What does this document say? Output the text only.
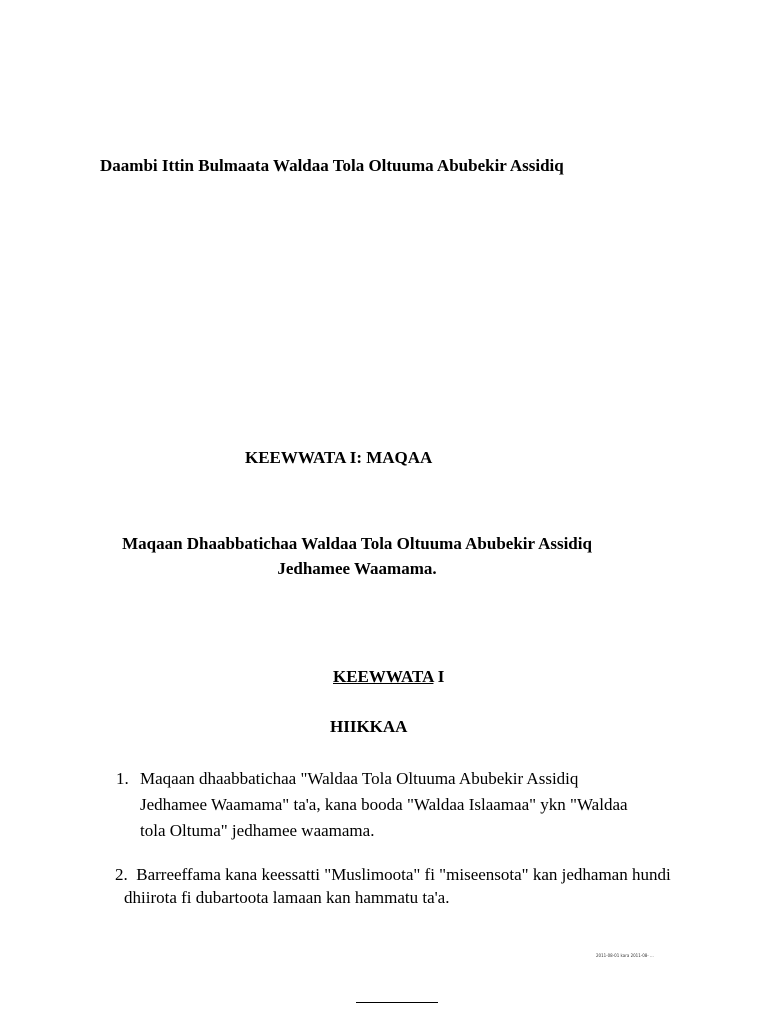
Daambi Ittin Bulmaata Waldaa Tola Oltuuma Abubekir Assidiq
KEEWWATA I: MAQAA
Maqaan Dhaabbatichaa Waldaa Tola Oltuuma Abubekir Assidiq
Jedhamee Waamama.
KEEWWATA I
HIIKKAA
1. Maqaan dhaabbatichaa "Waldaa Tola Oltuuma Abubekir Assidiq
Jedhamee Waamama" ta'a, kana booda "Waldaa Islaamaa" ykn "Waldaa
tola Oltuma" jedhamee waamama.
2. Barreeffama kana keessatti "Muslimoota" fi "miseensota" kan jedhaman hundi
dhiirota fi dubartoota lamaan kan hammatu ta'a.
2011-08-01 kara 2011-08- ...
